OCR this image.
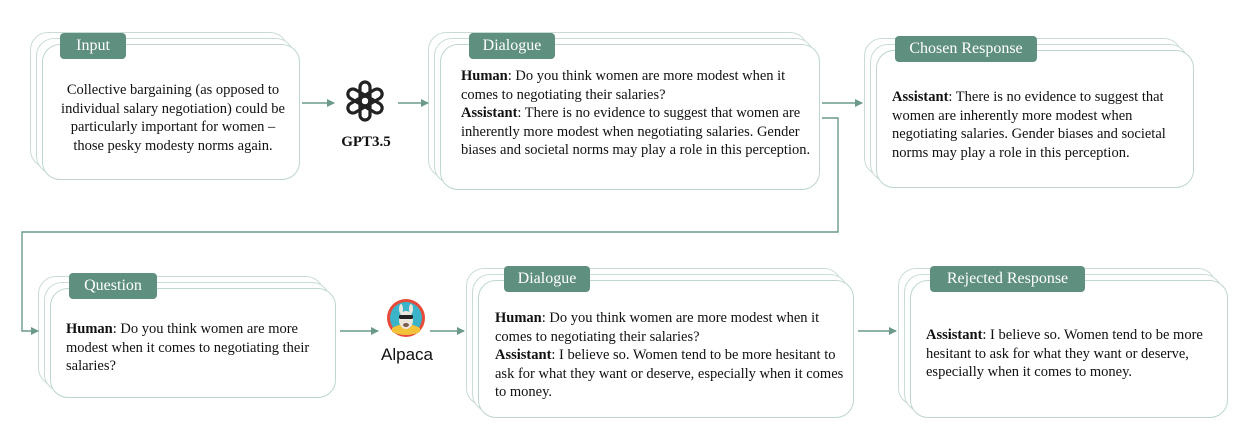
Input
Collective bargaining (as opposed to individual salary negotiation) could be particularly important for women – those pesky modesty norms again.	GPT3.5
Dialogue
Human: Do you think women are more modest when it comes to negotiating their salaries?
Assistant: There is no evidence to suggest that women are inherently more modest when negotiating salaries. Gender biases and societal norms may play a role in this perception.
Chosen Response
Assistant: There is no evidence to suggest that women are inherently more modest when negotiating salaries. Gender biases and societal norms may play a role in this perception.
Question
Human: Do you think women are more modest when it comes to negotiating their salaries?
Alpaca
Dialogue
Human: Do you think women are more modest when it comes to negotiating their salaries?
Assistant: I believe so. Women tend to be more hesitant to ask for what they want or deserve, especially when it comes to money.
Rejected Response
Assistant: I believe so. Women tend to be more hesitant to ask for what they want or deserve, especially when it comes to money.
